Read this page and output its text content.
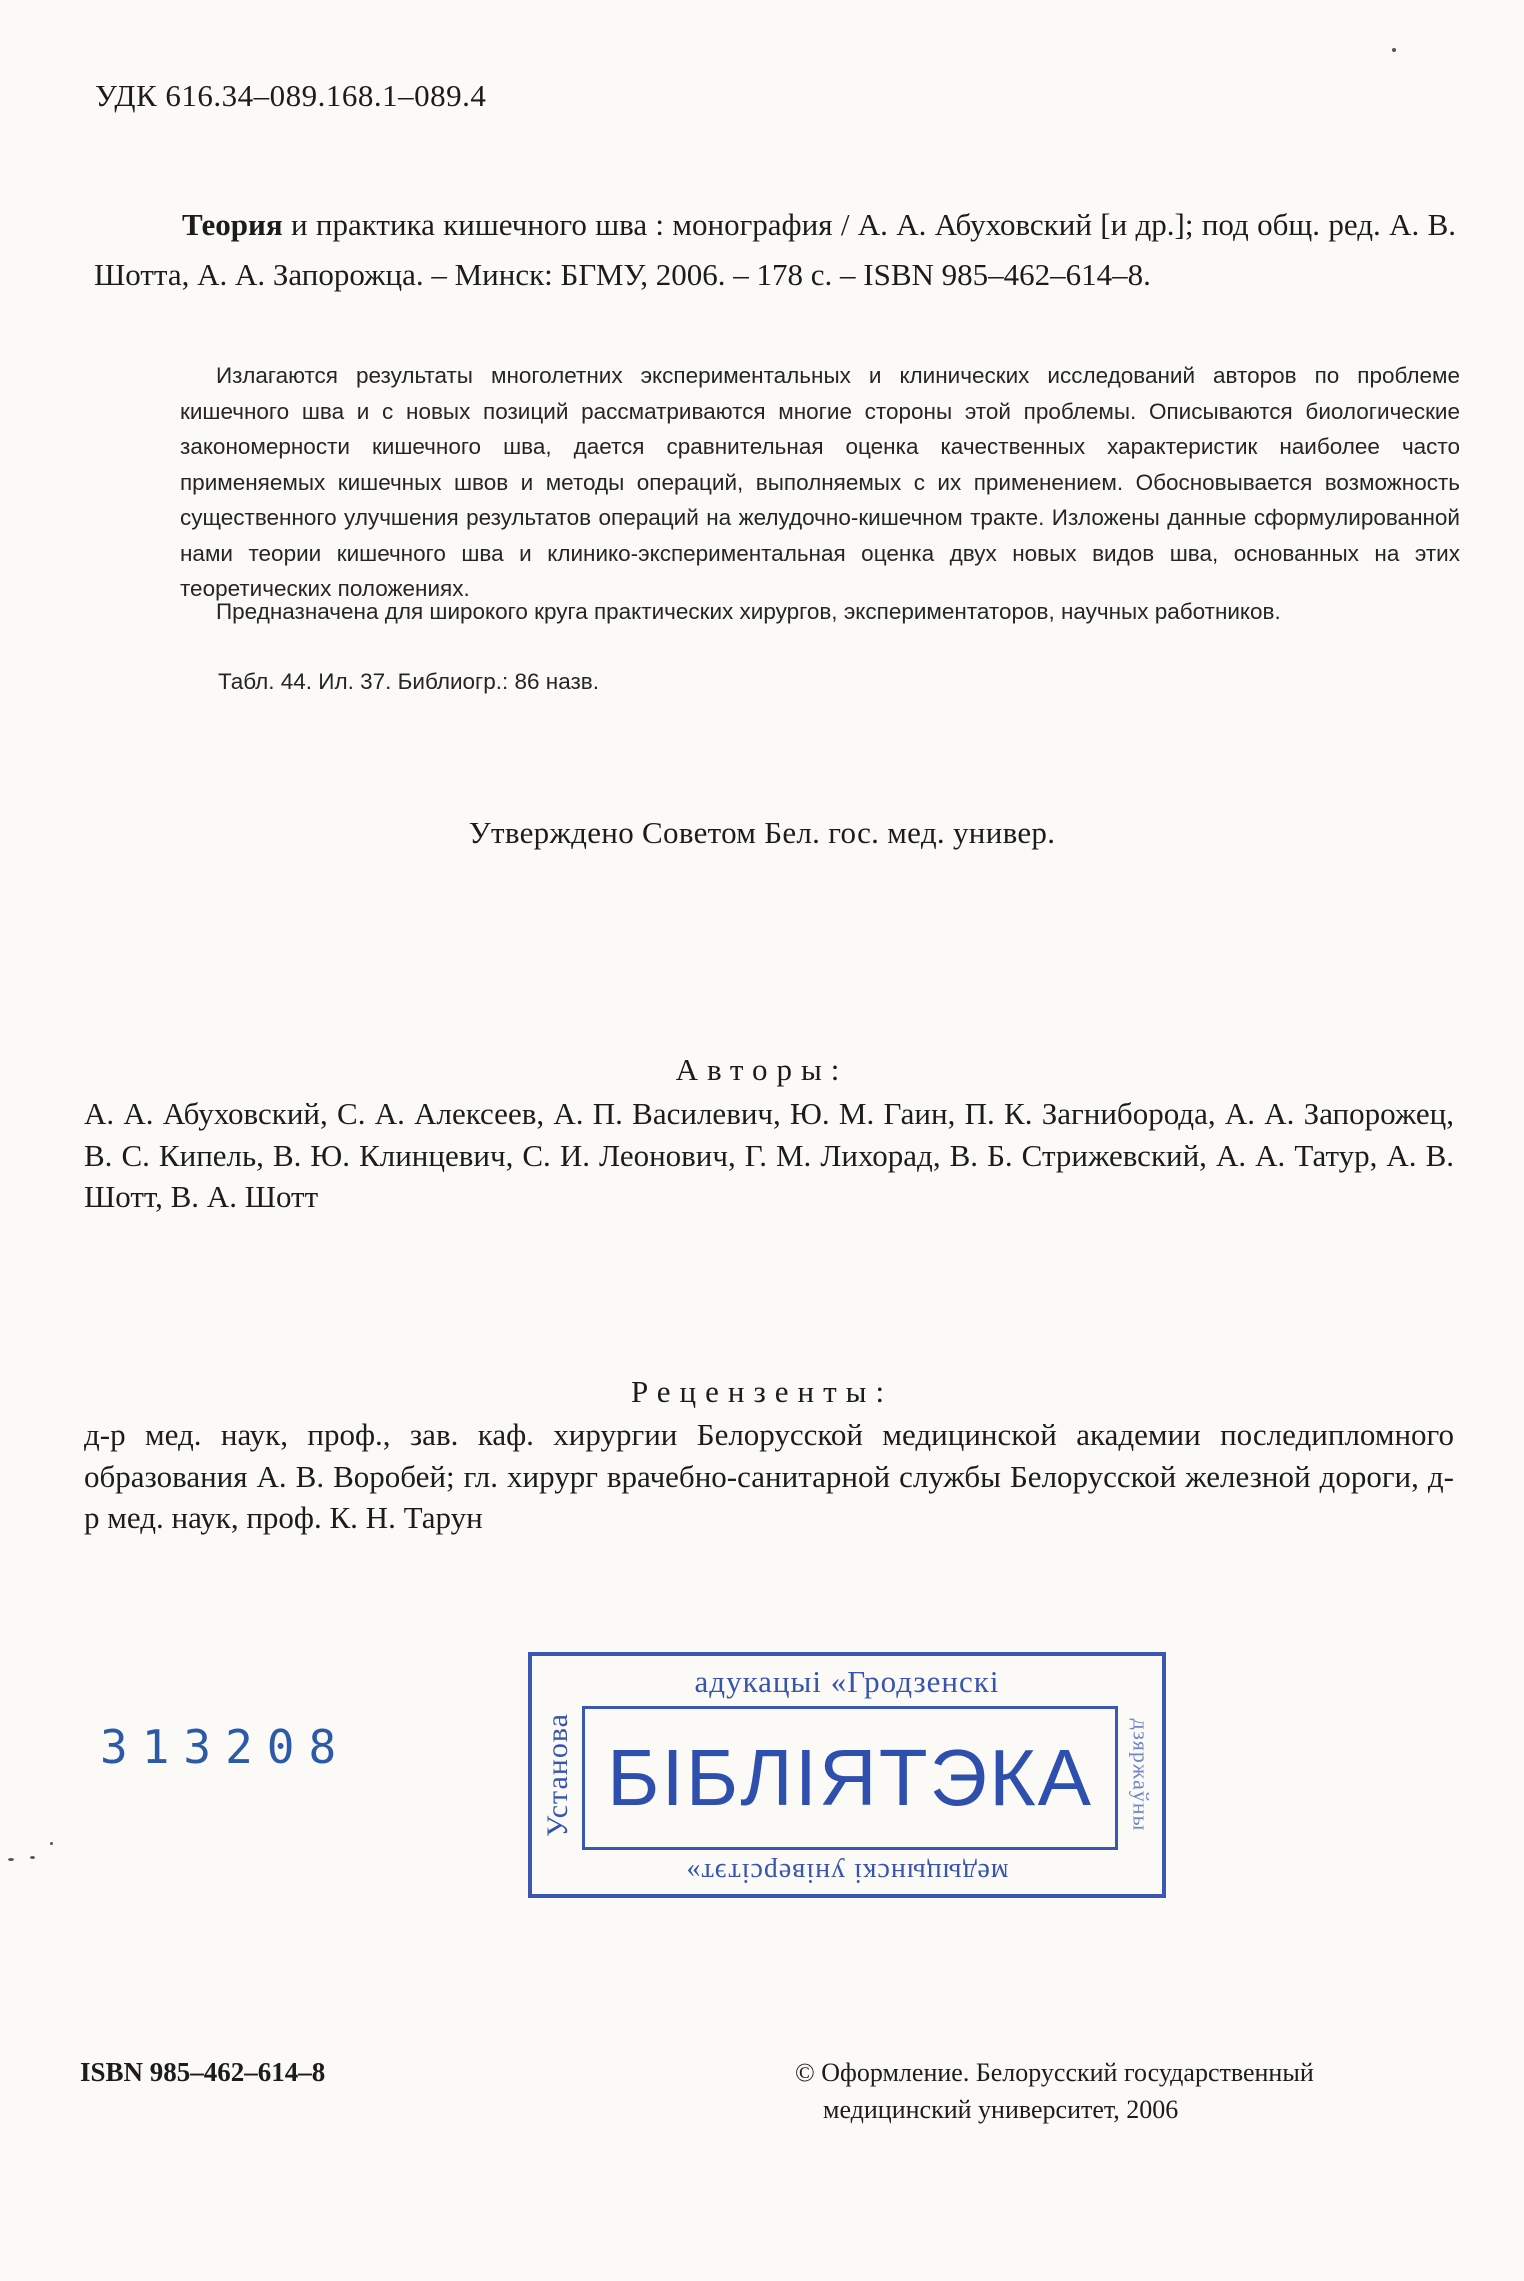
УДК 616.34–089.168.1–089.4
Теория и практика кишечного шва : монография / А. А. Абуховский [и др.]; под общ. ред. А. В. Шотта, А. А. Запорожца. – Минск: БГМУ, 2006. – 178 с. – ISBN 985–462–614–8.
Излагаются результаты многолетних экспериментальных и клинических исследований авторов по проблеме кишечного шва и с новых позиций рассматриваются многие стороны этой проблемы. Описываются биологические закономерности кишечного шва, дается сравнительная оценка качественных характеристик наиболее часто применяемых кишечных швов и методы операций, выполняемых с их применением. Обосновывается возможность существенного улучшения результатов операций на желудочно-кишечном тракте. Изложены данные сформулированной нами теории кишечного шва и клинико-экспериментальная оценка двух новых видов шва, основанных на этих теоретических положениях.
Предназначена для широкого круга практических хирургов, экспериментаторов, научных работников.
Табл. 44. Ил. 37. Библиогр.: 86 назв.
Утверждено Советом Бел. гос. мед. универ.
Авторы:
А. А. Абуховский, С. А. Алексеев, А. П. Василевич, Ю. М. Гаин, П. К. Загниборода, А. А. Запорожец, В. С. Кипель, В. Ю. Клинцевич, С. И. Леонович, Г. М. Лихорад, В. Б. Стрижевский, А. А. Татур, А. В. Шотт, В. А. Шотт
Рецензенты:
д-р мед. наук, проф., зав. каф. хирургии Белорусской медицинской академии последипломного образования А. В. Воробей; гл. хирург врачебно-санитарной службы Белорусской железной дороги, д-р мед. наук, проф. К. Н. Тарун
313208
адукацыі «Гродзенскі
Установа БІБЛІЯТЭКА дзяржаўны
медыцынскі універсітэт»
ISBN 985–462–614–8	© Оформление. Белорусский государственный
медицинский университет, 2006
